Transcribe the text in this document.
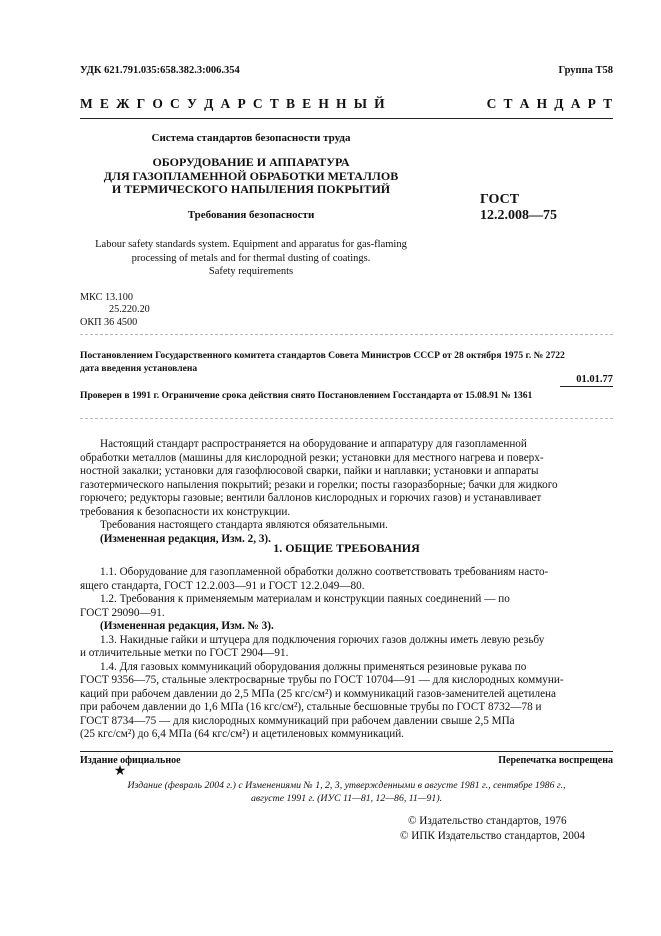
УДК 621.791.035:658.382.3:006.354	Группа Т58
М Е Ж Г О С У Д А Р С Т В Е Н Н Ы Й	С Т А Н Д А Р Т
Система стандартов безопасности труда
ОБОРУДОВАНИЕ И АППАРАТУРА
ДЛЯ ГАЗОПЛАМЕННОЙ ОБРАБОТКИ МЕТАЛЛОВ
И ТЕРМИЧЕСКОГО НАПЫЛЕНИЯ ПОКРЫТИЙ
Требования безопасности
ГОСТ
12.2.008—75
Labour safety standards system. Equipment and apparatus for gas-flaming
processing of metals and for thermal dusting of coatings.
Safety requirements
МКС 13.100
25.220.20
ОКП 36 4500
Постановлением Государственного комитета стандартов Совета Министров СССР от 28 октября 1975 г. № 2722
дата введения установлена
01.01.77
Проверен в 1991 г. Ограничение срока действия снято Постановлением Госстандарта от 15.08.91 № 1361
Настоящий стандарт распространяется на оборудование и аппаратуру для газопламенной
обработки металлов (машины для кислородной резки; установки для местного нагрева и поверх-
ностной закалки; установки для газофлюсовой сварки, пайки и наплавки; установки и аппараты
газотермического напыления покрытий; резаки и горелки; посты газоразборные; бачки для жидкого
горючего; редукторы газовые; вентили баллонов кислородных и горючих газов) и устанавливает
требования к безопасности их конструкции.
Требования настоящего стандарта являются обязательными.
(Измененная редакция, Изм. 2, 3).
1. ОБЩИЕ ТРЕБОВАНИЯ
1.1. Оборудование для газопламенной обработки должно соответствовать требованиям насто-
ящего стандарта, ГОСТ 12.2.003—91 и ГОСТ 12.2.049—80.
1.2. Требования к применяемым материалам и конструкции паяных соединений — по
ГОСТ 29090—91.
(Измененная редакция, Изм. № 3).
1.3. Накидные гайки и штуцера для подключения горючих газов должны иметь левую резьбу
и отличительные метки по ГОСТ 2904—91.
1.4. Для газовых коммуникаций оборудования должны применяться резиновые рукава по
ГОСТ 9356—75, стальные электросварные трубы по ГОСТ 10704—91 — для кислородных коммуни-
каций при рабочем давлении до 2,5 МПа (25 кгс/см²) и коммуникаций газов-заменителей ацетилена
при рабочем давлении до 1,6 МПа (16 кгс/см²), стальные бесшовные трубы по ГОСТ 8732—78 и
ГОСТ 8734—75 — для кислородных коммуникаций при рабочем давлении свыше 2,5 МПа
(25 кгс/см²) до 6,4 МПа (64 кгс/см²) и ацетиленовых коммуникаций.
Издание официальное	Перепечатка воспрещена
★
Издание (февраль 2004 г.) с Изменениями № 1, 2, 3, утвержденными в августе 1981 г., сентябре 1986 г.,
августе 1991 г. (ИУС 11—81, 12—86, 11—91).
© Издательство стандартов, 1976
© ИПК Издательство стандартов, 2004
